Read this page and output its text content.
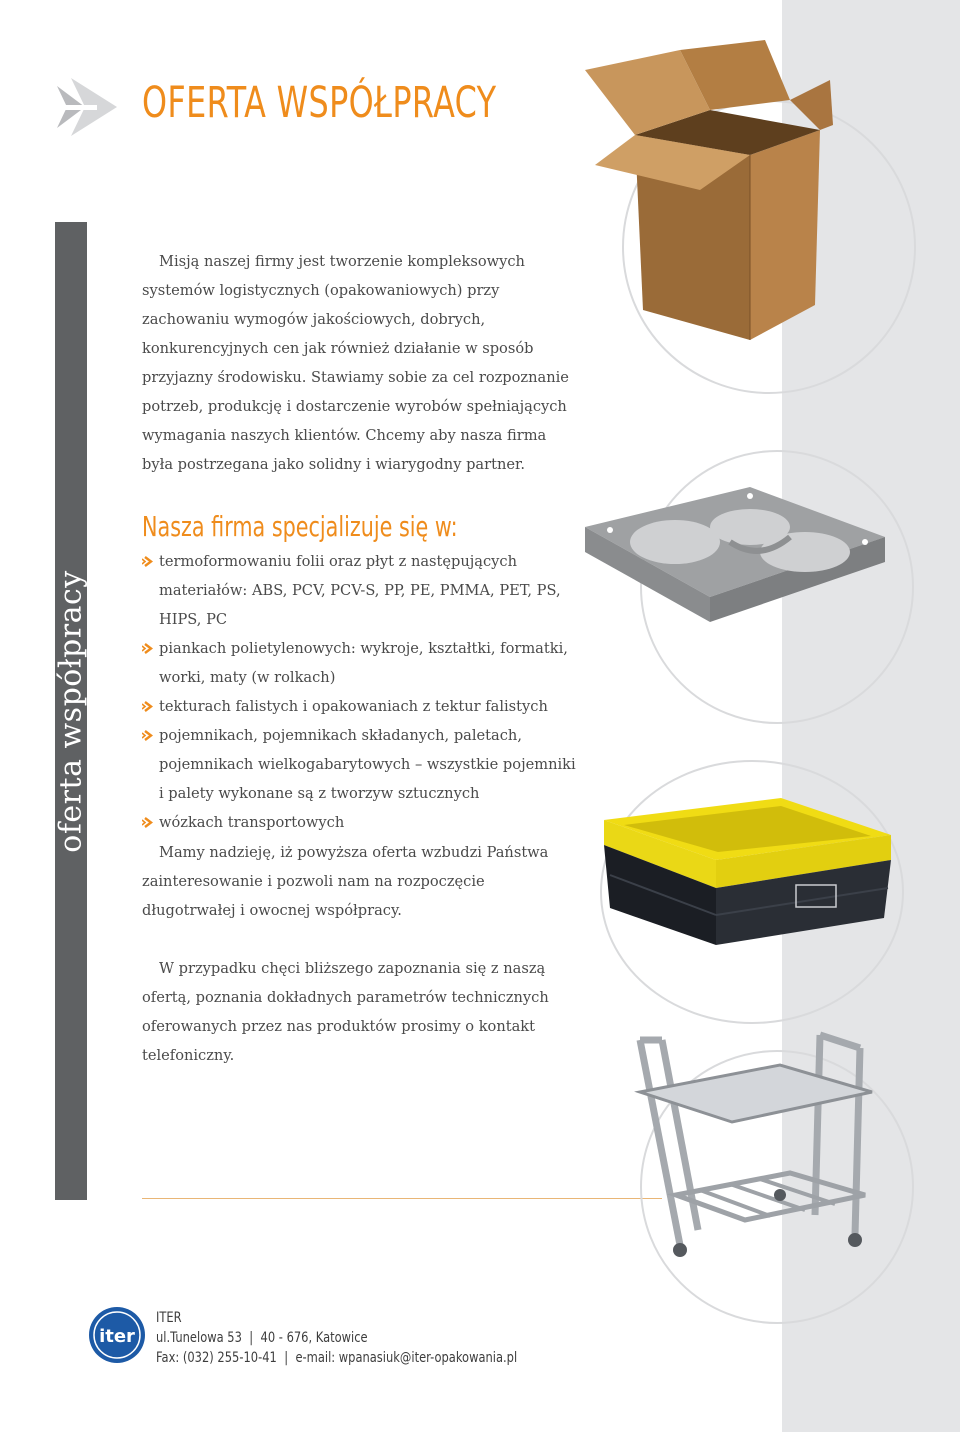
oferta współpracy
OFERTA WSPÓŁPRACY

Misją naszej firmy jest tworzenie kompleksowych systemów logistycznych (opakowaniowych) przy zachowaniu wymogów jakościowych, dobrych, konkurencyjnych cen jak również działanie w sposób przyjazny środowisku. Stawiamy sobie za cel rozpoznanie potrzeb, produkcję i dostarczenie wyrobów spełniających wymagania naszych klientów. Chcemy aby nasza firma była postrzegana jako solidny i wiarygodny partner.

Nasza firma specjalizuje się w:
termoformowaniu folii oraz płyt z następujących materiałów: ABS, PCV, PCV-S, PP, PE, PMMA, PET, PS, HIPS, PC
piankach polietylenowych: wykroje, kształtki, formatki, worki, maty (w rolkach)
tekturach falistych i opakowaniach z tektur falistych
pojemnikach, pojemnikach składanych, paletach, pojemnikach wielkogabarytowych – wszystkie pojemniki i palety wykonane są z tworzyw sztucznych
wózkach transportowych

Mamy nadzieję, iż powyższa oferta wzbudzi Państwa zainteresowanie i pozwoli nam na rozpoczęcie długotrwałej i owocnej współpracy.

W przypadku chęci bliższego zapoznania się z naszą ofertą, poznania dokładnych parametrów technicznych oferowanych przez nas produktów prosimy o kontakt telefoniczny.

iter
ITER
ul.Tunelowa 53 | 40 - 676, Katowice
Fax: (032) 255-10-41 | e-mail: wpanasiuk@iter-opakowania.pl
